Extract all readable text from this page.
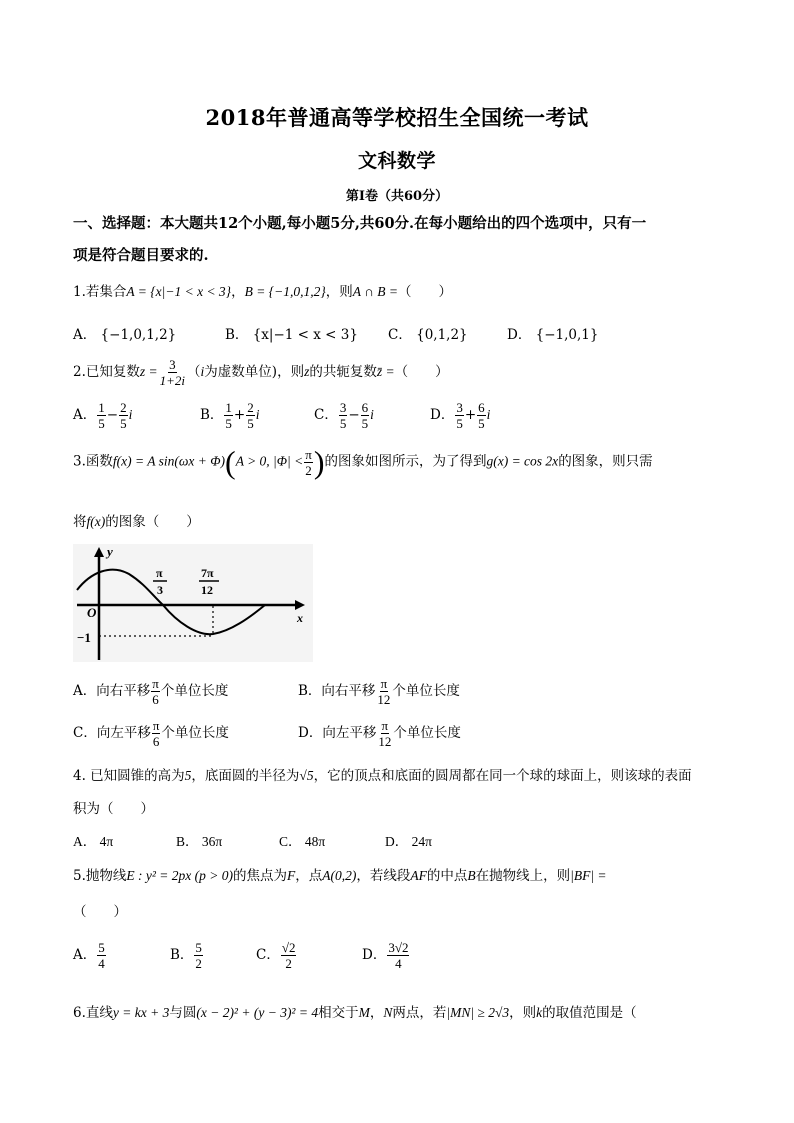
2018年普通高等学校招生全国统一考试
文科数学
第Ⅰ卷（共60分）
一、选择题：本大题共12个小题,每小题5分,共60分.在每小题给出的四个选项中，只有一
项是符合题目要求的.
1.若集合A = {x|−1 < x < 3}，B = {−1,0,1,2}，则A ∩ B =（　　）
A． {−1,0,1,2}	B． {x|−1 < x < 3} C． {0,1,2}	D． {−1,0,1}
2.已知复数$z = \frac{3}{1+2i} (i$为虚数单位)，则z的共轭复数z̄ =（　　）
A． $\frac{1}{5} - \frac{2}{5}$ i	B． $\frac{1}{5} + \frac{2}{5}$ i	C． $\frac{3}{5} - \frac{6}{5}$ i	D． $\frac{3}{5} + \frac{6}{5}$ i
3.函数f(x) = A sin(ωx + Φ)(A > 0, $|\Phi| < \frac{\pi}{2}$ )的图象如图所示，为了得到g(x) = cos 2x的图象，则只需
将f(x)的图象（　　）
y
x
O
−1
π
3
7π
12
A．向右平移 $\frac{\pi}{6}$ 个单位长度	B．向右平移 $\frac{\pi}{12}$ 个单位长度
C．向左平移 $\frac{\pi}{6}$ 个单位长度	D．向左平移 $\frac{\pi}{12}$ 个单位长度
4. 已知圆锥的高为5，底面圆的半径为√5，它的顶点和底面的圆周都在同一个球的球面上，则该球的表面
积为（　　）
A． 4π	B． 36π	C． 48π	D． 24π
5.抛物线E : y² = 2px (p > 0)的焦点为F，点A(0,2)，若线段AF的中点B在抛物线上，则|BF| =
（　　）
A． $\frac{5}{4}$	B． $\frac{5}{2}$	C． $\frac{√2}{2}$	D． $\frac{3√2}{4}$
6.直线y = kx + 3与圆(x − 2)² + (y − 3)² = 4相交于M，N两点，若|MN| ≥ 2√3，则k的取值范围是（
